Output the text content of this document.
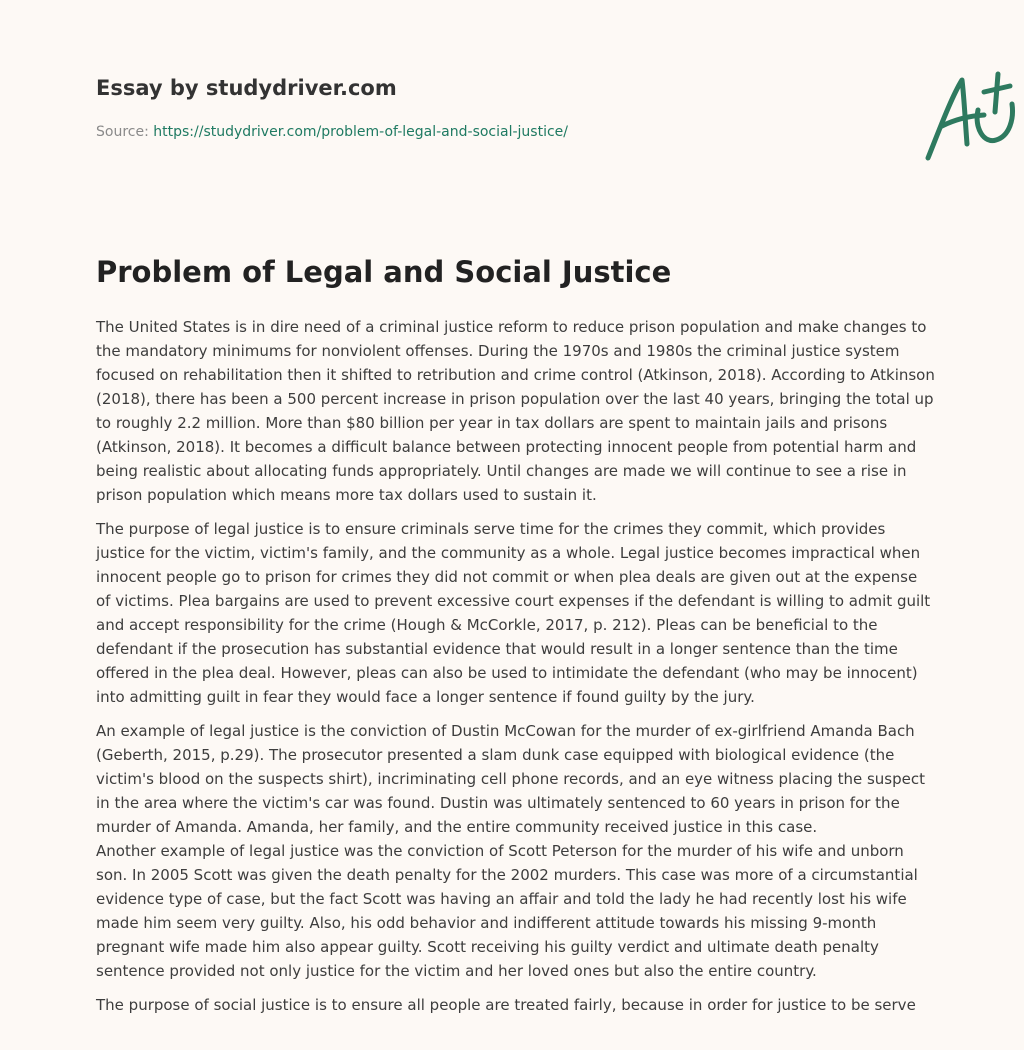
Essay by studydriver.com

Source: https://studydriver.com/problem-of-legal-and-social-justice/

Problem of Legal and Social Justice

The United States is in dire need of a criminal justice reform to reduce prison population and make changes to the mandatory minimums for nonviolent offenses. During the 1970s and 1980s the criminal justice system focused on rehabilitation then it shifted to retribution and crime control (Atkinson, 2018). According to Atkinson (2018), there has been a 500 percent increase in prison population over the last 40 years, bringing the total up to roughly 2.2 million. More than $80 billion per year in tax dollars are spent to maintain jails and prisons (Atkinson, 2018). It becomes a difficult balance between protecting innocent people from potential harm and being realistic about allocating funds appropriately. Until changes are made we will continue to see a rise in prison population which means more tax dollars used to sustain it.

The purpose of legal justice is to ensure criminals serve time for the crimes they commit, which provides justice for the victim, victim's family, and the community as a whole. Legal justice becomes impractical when innocent people go to prison for crimes they did not commit or when plea deals are given out at the expense of victims. Plea bargains are used to prevent excessive court expenses if the defendant is willing to admit guilt and accept responsibility for the crime (Hough & McCorkle, 2017, p. 212). Pleas can be beneficial to the defendant if the prosecution has substantial evidence that would result in a longer sentence than the time offered in the plea deal. However, pleas can also be used to intimidate the defendant (who may be innocent) into admitting guilt in fear they would face a longer sentence if found guilty by the jury.

An example of legal justice is the conviction of Dustin McCowan for the murder of ex-girlfriend Amanda Bach (Geberth, 2015, p.29). The prosecutor presented a slam dunk case equipped with biological evidence (the victim's blood on the suspects shirt), incriminating cell phone records, and an eye witness placing the suspect in the area where the victim's car was found. Dustin was ultimately sentenced to 60 years in prison for the murder of Amanda. Amanda, her family, and the entire community received justice in this case.

Another example of legal justice was the conviction of Scott Peterson for the murder of his wife and unborn son. In 2005 Scott was given the death penalty for the 2002 murders. This case was more of a circumstantial evidence type of case, but the fact Scott was having an affair and told the lady he had recently lost his wife made him seem very guilty. Also, his odd behavior and indifferent attitude towards his missing 9-month pregnant wife made him also appear guilty. Scott receiving his guilty verdict and ultimate death penalty sentence provided not only justice for the victim and her loved ones but also the entire country.

The purpose of social justice is to ensure all people are treated fairly, because in order for justice to be serve
